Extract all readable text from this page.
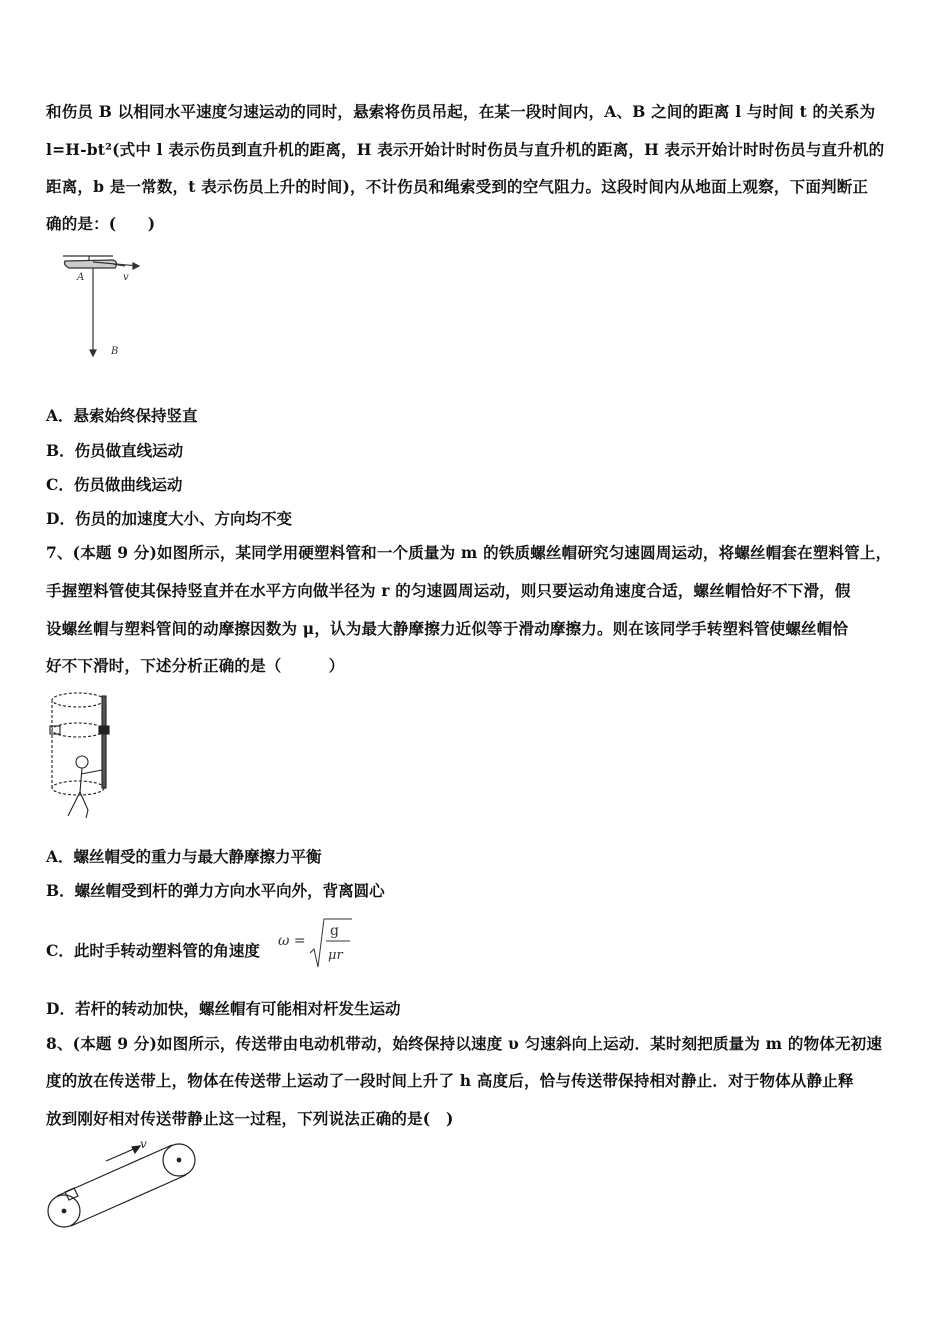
和伤员 B 以相同水平速度匀速运动的同时，悬索将伤员吊起，在某一段时间内，A、B 之间的距离 l 与时间 t 的关系为
l=H-bt²(式中 l 表示伤员到直升机的距离，H 表示开始计时时伤员与直升机的距离，H 表示开始计时时伤员与直升机的
距离，b 是一常数，t 表示伤员上升的时间)，不计伤员和绳索受到的空气阻力。这段时间内从地面上观察，下面判断正
确的是：(　　)
A	v
B
A．悬索始终保持竖直
B．伤员做直线运动
C．伤员做曲线运动
D．伤员的加速度大小、方向均不变
7、(本题 9 分)如图所示，某同学用硬塑料管和一个质量为 m 的铁质螺丝帽研究匀速圆周运动，将螺丝帽套在塑料管上，
手握塑料管使其保持竖直并在水平方向做半径为 r 的匀速圆周运动，则只要运动角速度合适，螺丝帽恰好不下滑，假
设螺丝帽与塑料管间的动摩擦因数为 μ，认为最大静摩擦力近似等于滑动摩擦力。则在该同学手转塑料管使螺丝帽恰
好不下滑时，下述分析正确的是（　　　）
A．螺丝帽受的重力与最大静摩擦力平衡
B．螺丝帽受到杆的弹力方向水平向外，背离圆心
C．此时手转动塑料管的角速度 ω =
g
μr
D．若杆的转动加快，螺丝帽有可能相对杆发生运动
8、(本题 9 分)如图所示，传送带由电动机带动，始终保持以速度 υ 匀速斜向上运动．某时刻把质量为 m 的物体无初速
度的放在传送带上，物体在传送带上运动了一段时间上升了 h 高度后，恰与传送带保持相对静止．对于物体从静止释
放到刚好相对传送带静止这一过程，下列说法正确的是(　)
v
